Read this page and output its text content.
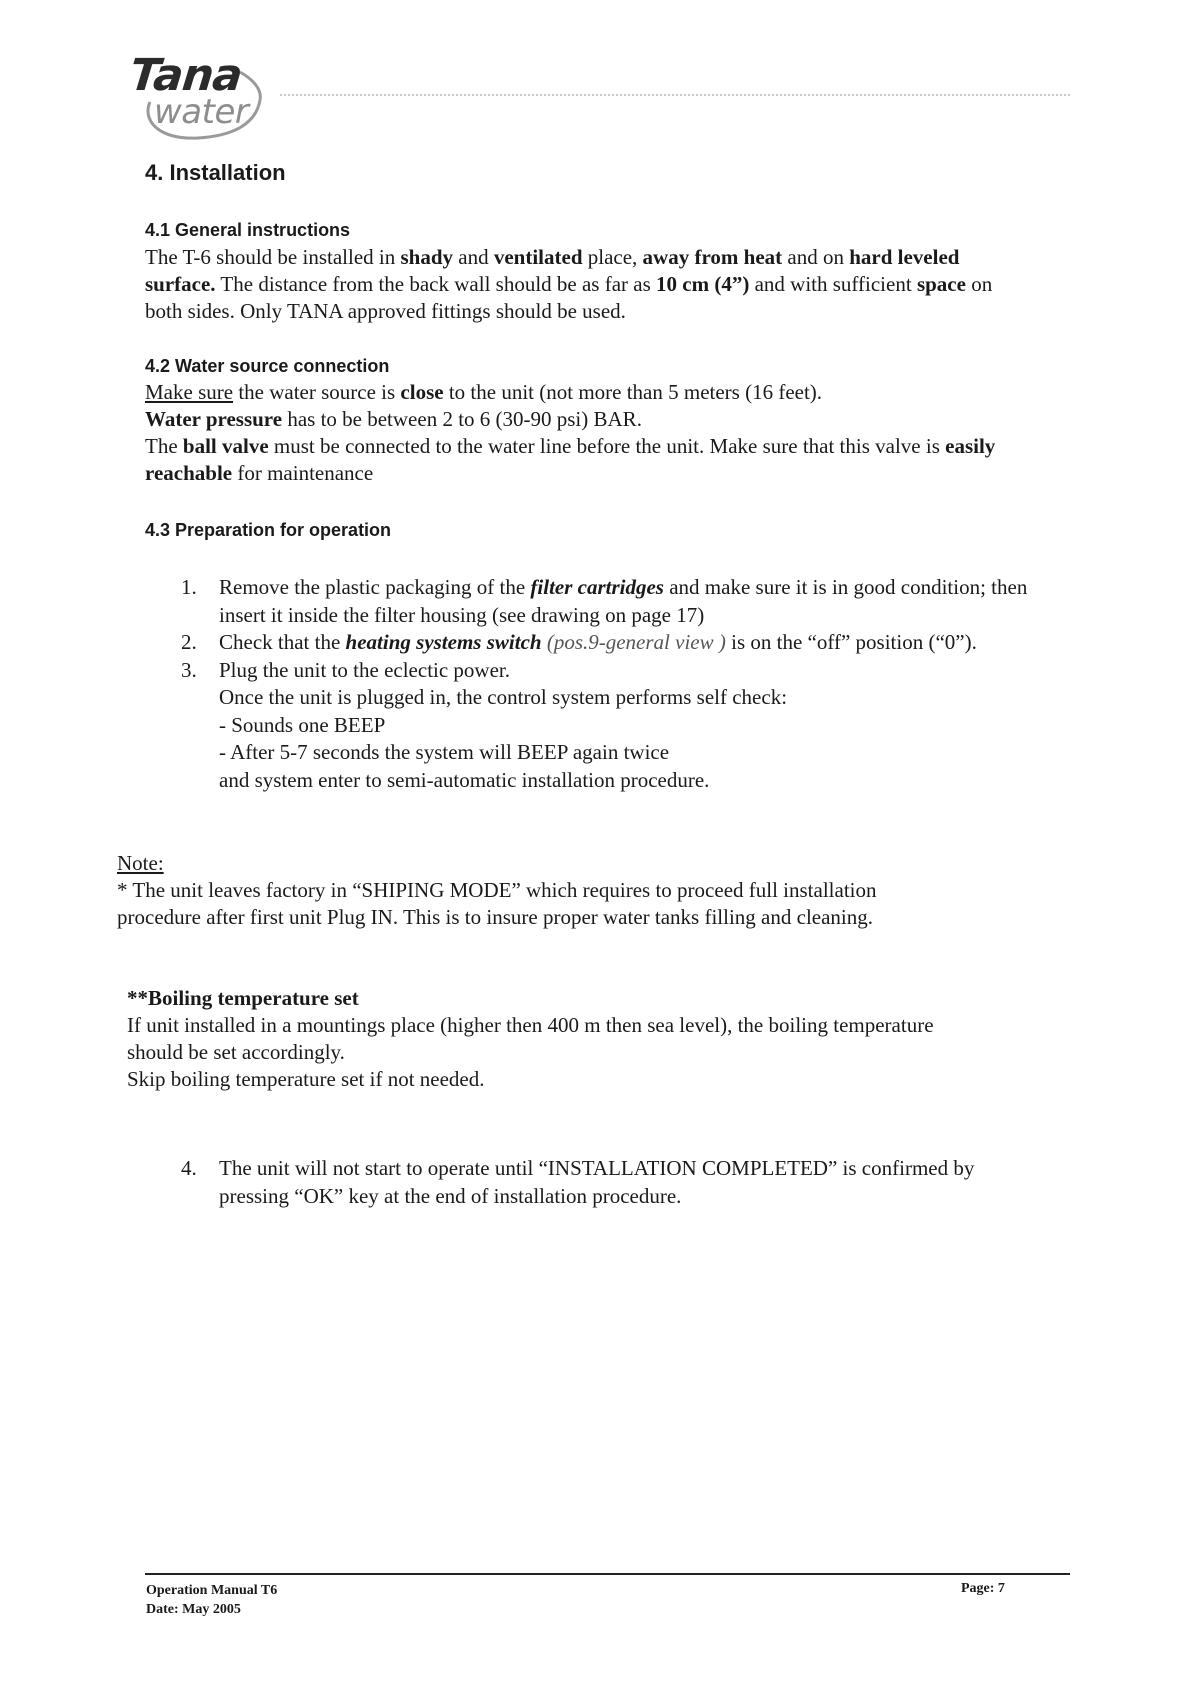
Tana
water
4. Installation
4.1 General instructions

The T-6 should be installed in shady and ventilated place, away from heat and on hard leveled surface. The distance from the back wall should be as far as 10 cm (4”) and with sufficient space on both sides. Only TANA approved fittings should be used.

4.2 Water source connection

Make sure the water source is close to the unit (not more than 5 meters (16 feet).
Water pressure has to be between 2 to 6 (30-90 psi) BAR.
The ball valve must be connected to the water line before the unit. Make sure that this valve is easily reachable for maintenance

4.3 Preparation for operation
1. Remove the plastic packaging of the filter cartridges and make sure it is in good condition; then insert it inside the filter housing (see drawing on page 17)
2. Check that the heating systems switch (pos.9-general view ) is on the “off” position (“0”).
3. Plug the unit to the eclectic power.
Once the unit is plugged in, the control system performs self check:
- Sounds one BEEP
- After 5-7 seconds the system will BEEP again twice
and system enter to semi-automatic installation procedure.
Note:
* The unit leaves factory in “SHIPING MODE” which requires to proceed full installation procedure after first unit Plug IN. This is to insure proper water tanks filling and cleaning.
**Boiling temperature set
If unit installed in a mountings place (higher then 400 m then sea level), the boiling temperature should be set accordingly.
Skip boiling temperature set if not needed.
4. The unit will not start to operate until “INSTALLATION COMPLETED” is confirmed by pressing “OK” key at the end of installation procedure.
Operation Manual T6
Date: May 2005
Page: 7
